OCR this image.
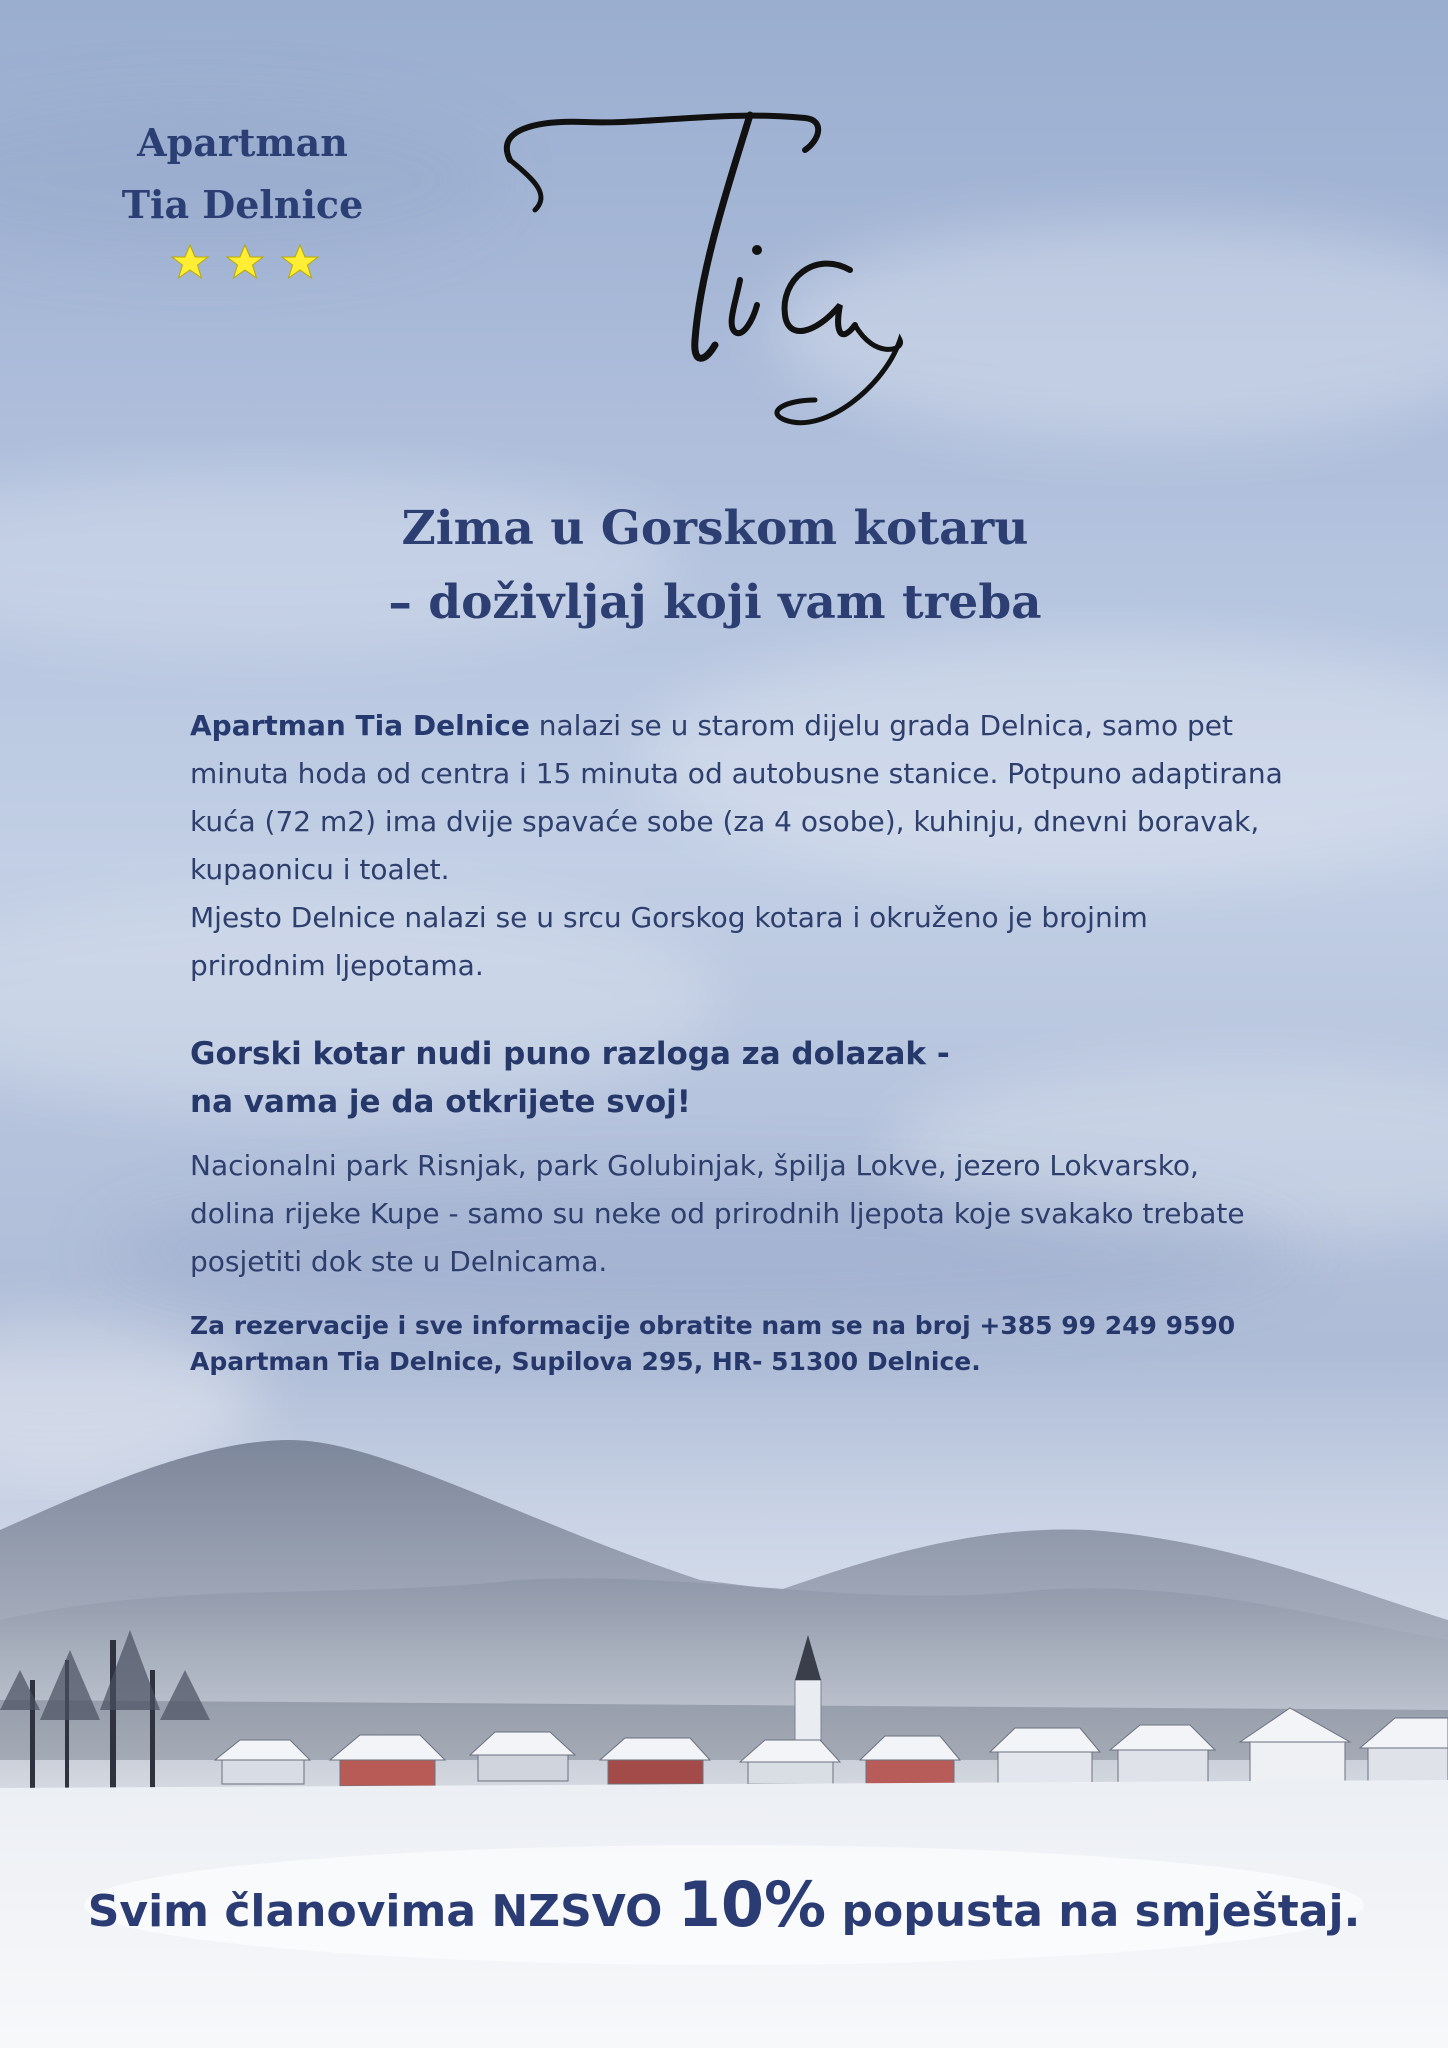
Apartman
Tia Delnice
Zima u Gorskom kotaru
– doživljaj koji vam treba

Apartman Tia Delnice nalazi se u starom dijelu grada Delnica, samo pet minuta hoda od centra i 15 minuta od autobusne stanice. Potpuno adaptirana kuća (72 m2) ima dvije spavaće sobe (za 4 osobe), kuhinju, dnevni boravak, kupaonicu i toalet.

Mjesto Delnice nalazi se u srcu Gorskog kotara i okruženo je brojnim prirodnim ljepotama.

Gorski kotar nudi puno razloga za dolazak -
na vama je da otkrijete svoj!

Nacionalni park Risnjak, park Golubinjak, špilja Lokve, jezero Lokvarsko, dolina rijeke Kupe - samo su neke od prirodnih ljepota koje svakako trebate posjetiti dok ste u Delnicama.

Za rezervacije i sve informacije obratite nam se na broj +385 99 249 9590
Apartman Tia Delnice, Supilova 295, HR- 51300 Delnice.
Svim članovima NZSVO 10% popusta na smještaj.
